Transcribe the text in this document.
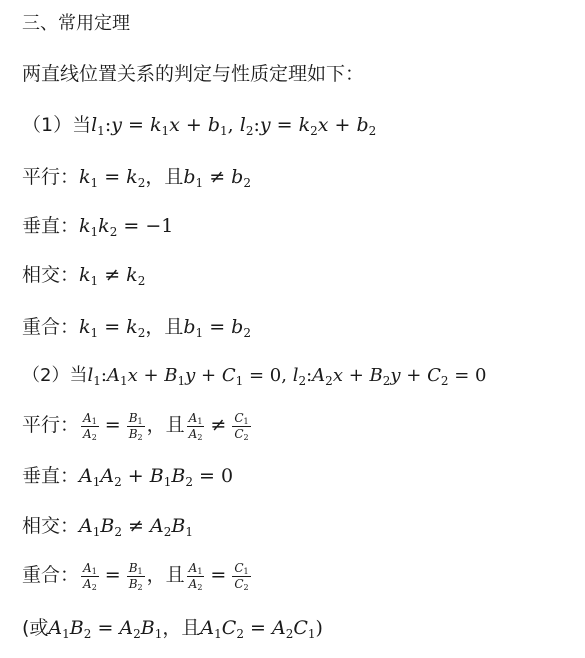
三、常用定理
两直线位置关系的判定与性质定理如下：
（1）当$l_1:y = k_1x + b_1$, $l_2:y = k_2x + b_2$
平行：$k_1 = k_2$，且$b_1 \ne b_2$
垂直：$k_1k_2 = -1$
相交：$k_1 \ne k_2$
重合：$k_1 = k_2$，且$b_1 = b_2$
（2）当$l_1:A_1x + B_1y + C_1 = 0$, $l_2:A_2x + B_2y + C_2 = 0$
平行： $\frac{A_1}{A_2} = \frac{B_1}{B_2}$ ，且 $\frac{A_1}{A_2} \ne \frac{C_1}{C_2}$
垂直：$A_1A_2 + B_1B_2 = 0$
相交：$A_1B_2 \ne A_2B_1$
重合： $\frac{A_1}{A_2} = \frac{B_1}{B_2}$ ，且 $\frac{A_1}{A_2} = \frac{C_1}{C_2}$
(或$A_1B_2 = A_2B_1$，且$A_1C_2 = A_2C_1$)
